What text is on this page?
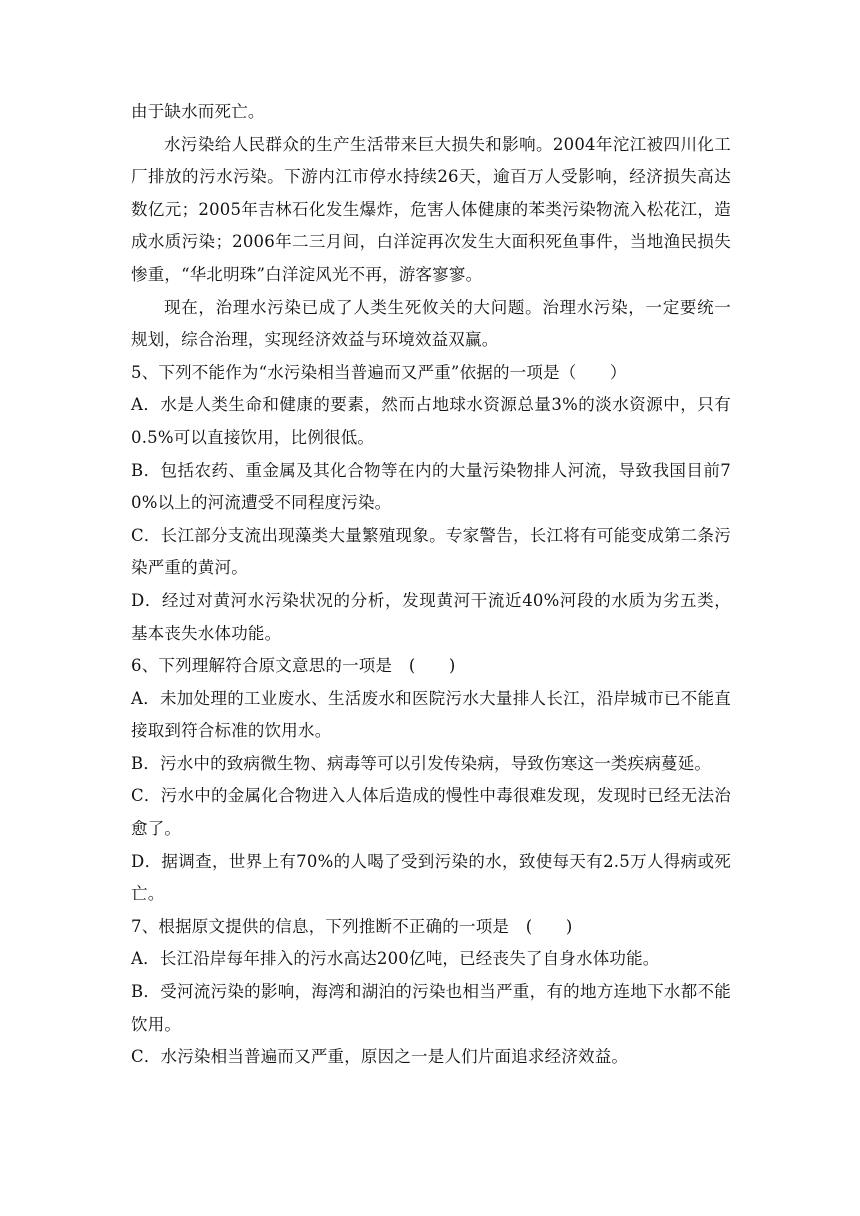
由于缺水而死亡。

水污染给人民群众的生产生活带来巨大损失和影响。2004年沱江被四川化工厂排放的污水污染。下游内江市停水持续26天，逾百万人受影响，经济损失高达数亿元；2005年吉林石化发生爆炸，危害人体健康的苯类污染物流入松花江，造成水质污染；2006年二三月间，白洋淀再次发生大面积死鱼事件，当地渔民损失惨重，“华北明珠”白洋淀风光不再，游客寥寥。

现在，治理水污染已成了人类生死攸关的大问题。治理水污染，一定要统一规划，综合治理，实现经济效益与环境效益双赢。

5、下列不能作为“水污染相当普遍而又严重”依据的一项是（　　）

A．水是人类生命和健康的要素，然而占地球水资源总量3%的淡水资源中，只有0.5%可以直接饮用，比例很低。

B．包括农药、重金属及其化合物等在内的大量污染物排人河流，导致我国目前70%以上的河流遭受不同程度污染。

C．长江部分支流出现藻类大量繁殖现象。专家警告，长江将有可能变成第二条污染严重的黄河。

D．经过对黄河水污染状况的分析，发现黄河干流近40%河段的水质为劣五类，基本丧失水体功能。

6、下列理解符合原文意思的一项是　(　　)

A．未加处理的工业废水、生活废水和医院污水大量排人长江，沿岸城市已不能直接取到符合标准的饮用水。

B．污水中的致病微生物、病毒等可以引发传染病，导致伤寒这一类疾病蔓延。

C．污水中的金属化合物进入人体后造成的慢性中毒很难发现，发现时已经无法治愈了。

D．据调查，世界上有70%的人喝了受到污染的水，致使每天有2.5万人得病或死亡。

7、根据原文提供的信息，下列推断不正确的一项是　(　　)

A．长江沿岸每年排入的污水高达200亿吨，已经丧失了自身水体功能。

B．受河流污染的影响，海湾和湖泊的污染也相当严重，有的地方连地下水都不能饮用。

C．水污染相当普遍而又严重，原因之一是人们片面追求经济效益。
